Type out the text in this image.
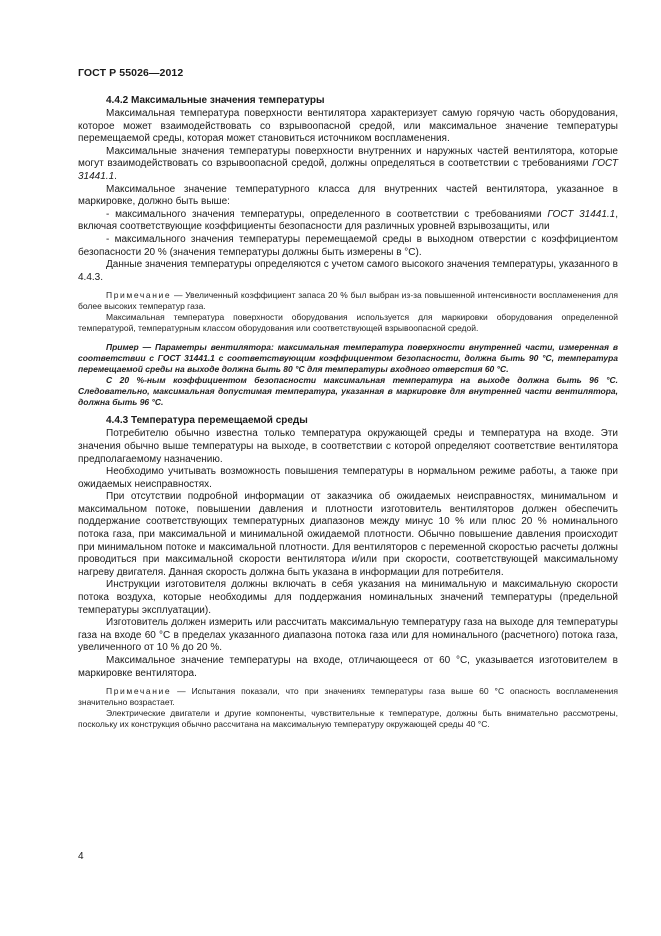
ГОСТ Р 55026—2012

4.4.2 Максимальные значения температуры

Максимальная температура поверхности вентилятора характеризует самую горячую часть оборудования, которое может взаимодействовать со взрывоопасной средой, или максимальное значение температуры перемещаемой среды, которая может становиться источником воспламенения.

Максимальные значения температуры поверхности внутренних и наружных частей вентилятора, которые могут взаимодействовать со взрывоопасной средой, должны определяться в соответствии с требованиями ГОСТ 31441.1.

Максимальное значение температурного класса для внутренних частей вентилятора, указанное в маркировке, должно быть выше:

- максимального значения температуры, определенного в соответствии с требованиями ГОСТ 31441.1, включая соответствующие коэффициенты безопасности для различных уровней взрывозащиты, или

- максимального значения температуры перемещаемой среды в выходном отверстии с коэффициентом безопасности 20 % (значения температуры должны быть измерены в °С).

Данные значения температуры определяются с учетом самого высокого значения температуры, указанного в 4.4.3.

Примечание — Увеличенный коэффициент запаса 20 % был выбран из-за повышенной интенсивности воспламенения для более высоких температур газа.

Максимальная температура поверхности оборудования используется для маркировки оборудования определенной температурой, температурным классом оборудования или соответствующей взрывоопасной средой.

Пример — Параметры вентилятора: максимальная температура поверхности внутренней части, измеренная в соответствии с ГОСТ 31441.1 с соответствующим коэффициентом безопасности, должна быть 90 °С, температура перемещаемой среды на выходе должна быть 80 °С для температуры входного отверстия 60 °С.

С 20 %-ным коэффициентом безопасности максимальная температура на выходе должна быть 96 °С. Следовательно, максимальная допустимая температура, указанная в маркировке для внутренней части вентилятора, должна быть 96 °С.

4.4.3 Температура перемещаемой среды

Потребителю обычно известна только температура окружающей среды и температура на входе. Эти значения обычно выше температуры на выходе, в соответствии с которой определяют соответствие вентилятора предполагаемому назначению.

Необходимо учитывать возможность повышения температуры в нормальном режиме работы, а также при ожидаемых неисправностях.

При отсутствии подробной информации от заказчика об ожидаемых неисправностях, минимальном и максимальном потоке, повышении давления и плотности изготовитель вентиляторов должен обеспечить поддержание соответствующих температурных диапазонов между минус 10 % или плюс 20 % номинального потока газа, при максимальной и минимальной ожидаемой плотности. Обычно повышение давления происходит при минимальном потоке и максимальной плотности. Для вентиляторов с переменной скоростью расчеты должны проводиться при максимальной скорости вентилятора и/или при скорости, соответствующей максимальному нагреву двигателя. Данная скорость должна быть указана в информации для потребителя.

Инструкции изготовителя должны включать в себя указания на минимальную и максимальную скорости потока воздуха, которые необходимы для поддержания номинальных значений температуры (предельной температуры эксплуатации).

Изготовитель должен измерить или рассчитать максимальную температуру газа на выходе для температуры газа на входе 60 °С в пределах указанного диапазона потока газа или для номинального (расчетного) потока газа, увеличенного от 10 % до 20 %.

Максимальное значение температуры на входе, отличающееся от 60 °С, указывается изготовителем в маркировке вентилятора.

Примечание — Испытания показали, что при значениях температуры газа выше 60 °С опасность воспламенения значительно возрастает.

Электрические двигатели и другие компоненты, чувствительные к температуре, должны быть внимательно рассмотрены, поскольку их конструкция обычно рассчитана на максимальную температуру окружающей среды 40 °С.

4
